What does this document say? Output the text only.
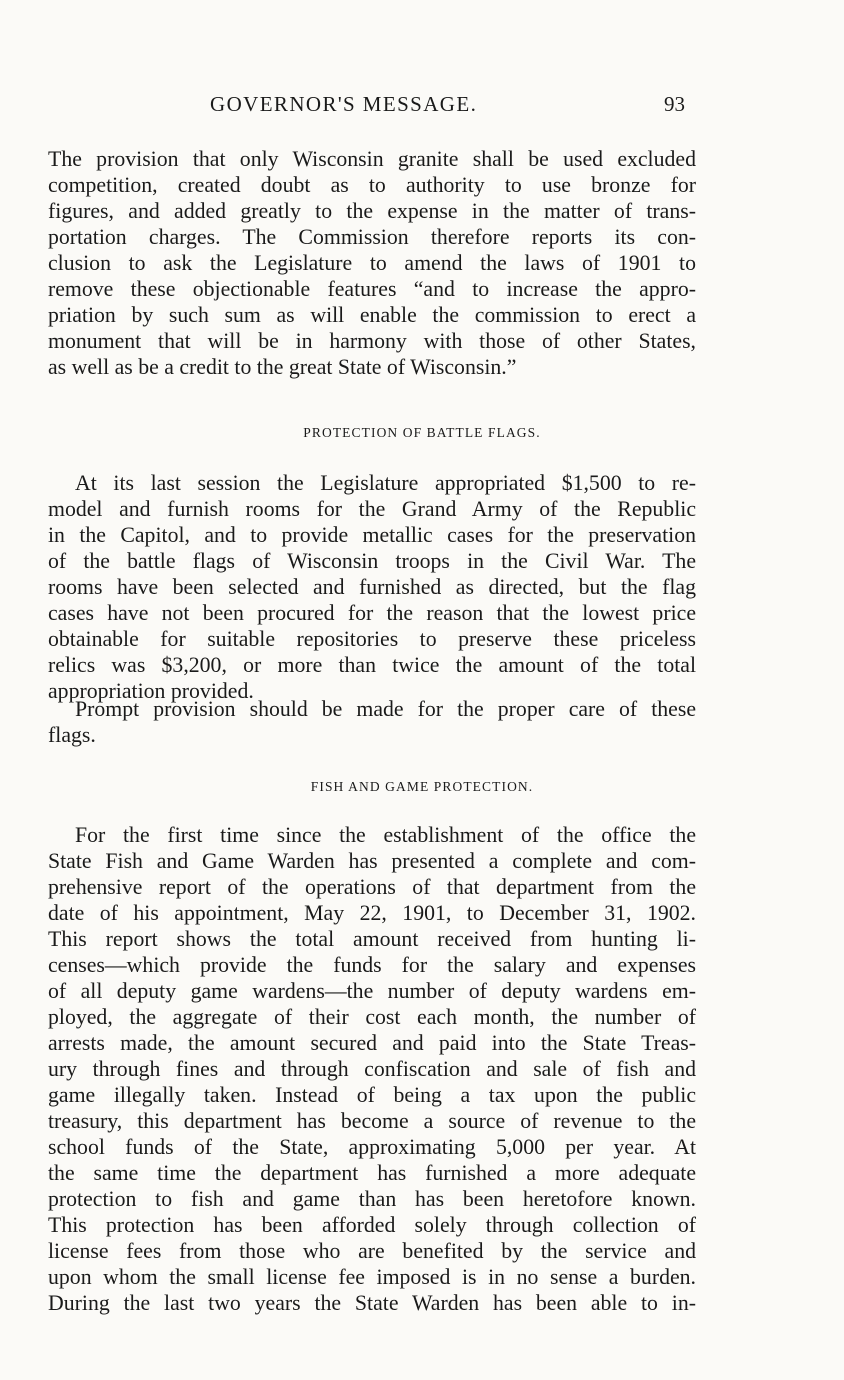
GOVERNOR'S MESSAGE.	93

The provision that only Wisconsin granite shall be used excluded
competition, created doubt as to authority to use bronze for
figures, and added greatly to the expense in the matter of trans-
portation charges. The Commission therefore reports its con-
clusion to ask the Legislature to amend the laws of 1901 to
remove these objectionable features “and to increase the appro-
priation by such sum as will enable the commission to erect a
monument that will be in harmony with those of other States,
as well as be a credit to the great State of Wisconsin.”

PROTECTION OF BATTLE FLAGS.

At its last session the Legislature appropriated $1,500 to re-
model and furnish rooms for the Grand Army of the Republic
in the Capitol, and to provide metallic cases for the preservation
of the battle flags of Wisconsin troops in the Civil War. The
rooms have been selected and furnished as directed, but the flag
cases have not been procured for the reason that the lowest price
obtainable for suitable repositories to preserve these priceless
relics was $3,200, or more than twice the amount of the total
appropriation provided.

Prompt provision should be made for the proper care of these
flags.

FISH AND GAME PROTECTION.

For the first time since the establishment of the office the
State Fish and Game Warden has presented a complete and com-
prehensive report of the operations of that department from the
date of his appointment, May 22, 1901, to December 31, 1902.
This report shows the total amount received from hunting li-
censes—which provide the funds for the salary and expenses
of all deputy game wardens—the number of deputy wardens em-
ployed, the aggregate of their cost each month, the number of
arrests made, the amount secured and paid into the State Treas-
ury through fines and through confiscation and sale of fish and
game illegally taken. Instead of being a tax upon the public
treasury, this department has become a source of revenue to the
school funds of the State, approximating 5,000 per year. At
the same time the department has furnished a more adequate
protection to fish and game than has been heretofore known.
This protection has been afforded solely through collection of
license fees from those who are benefited by the service and
upon whom the small license fee imposed is in no sense a burden.
During the last two years the State Warden has been able to in-
